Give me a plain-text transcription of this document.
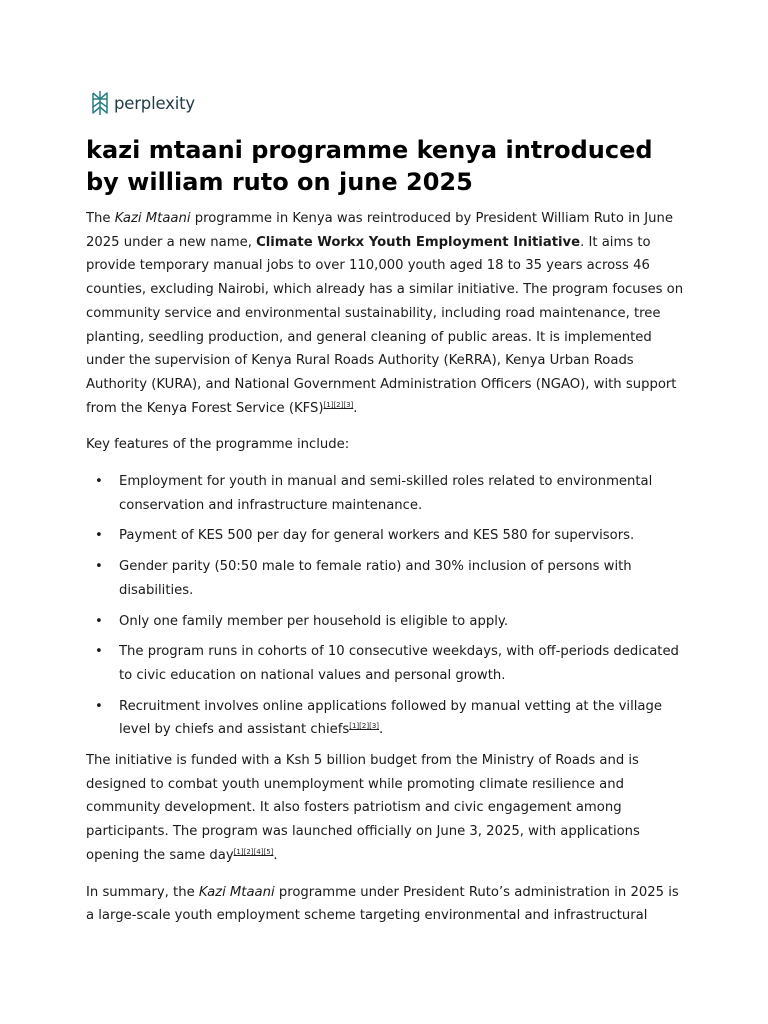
perplexity
kazi mtaani programme kenya introduced by william ruto on june 2025

The Kazi Mtaani programme in Kenya was reintroduced by President William Ruto in June 2025 under a new name, Climate Workx Youth Employment Initiative. It aims to provide temporary manual jobs to over 110,000 youth aged 18 to 35 years across 46 counties, excluding Nairobi, which already has a similar initiative. The program focuses on community service and environmental sustainability, including road maintenance, tree planting, seedling production, and general cleaning of public areas. It is implemented under the supervision of Kenya Rural Roads Authority (KeRRA), Kenya Urban Roads Authority (KURA), and National Government Administration Officers (NGAO), with support from the Kenya Forest Service (KFS)[1][2][3].

Key features of the programme include:

• Employment for youth in manual and semi-skilled roles related to environmental conservation and infrastructure maintenance.
• Payment of KES 500 per day for general workers and KES 580 for supervisors.
• Gender parity (50:50 male to female ratio) and 30% inclusion of persons with disabilities.
• Only one family member per household is eligible to apply.
• The program runs in cohorts of 10 consecutive weekdays, with off-periods dedicated to civic education on national values and personal growth.
• Recruitment involves online applications followed by manual vetting at the village level by chiefs and assistant chiefs[1][2][3].

The initiative is funded with a Ksh 5 billion budget from the Ministry of Roads and is designed to combat youth unemployment while promoting climate resilience and community development. It also fosters patriotism and civic engagement among participants. The program was launched officially on June 3, 2025, with applications opening the same day[1][2][4][5].

In summary, the Kazi Mtaani programme under President Ruto’s administration in 2025 is a large-scale youth employment scheme targeting environmental and infrastructural
